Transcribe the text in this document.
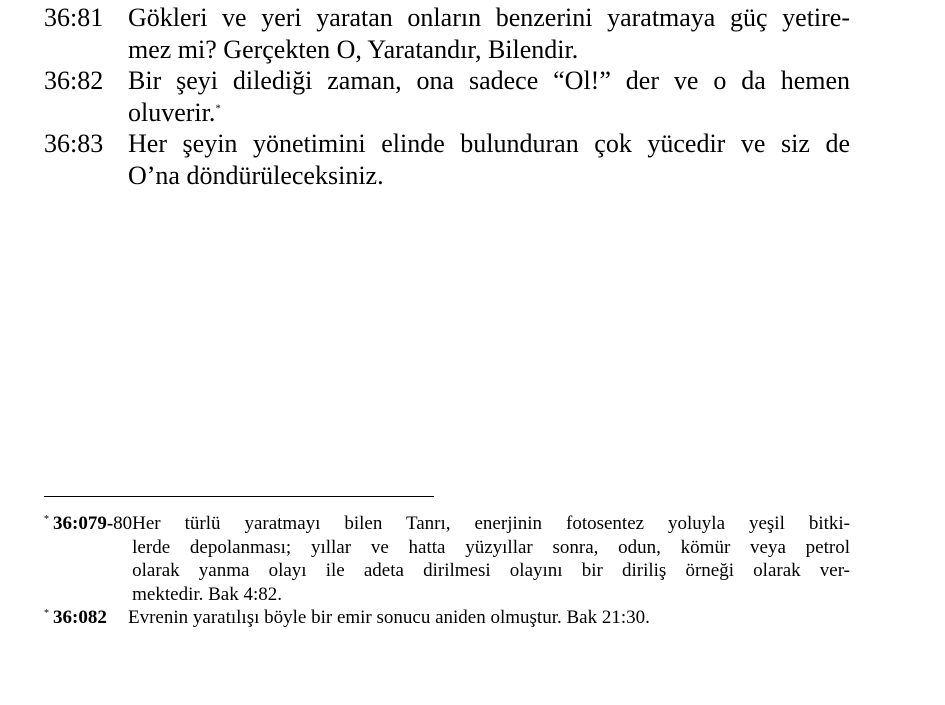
36:81 Gökleri ve yeri yaratan onların benzerini yaratmaya güç yetire-
mez mi? Gerçekten O, Yaratandır, Bilendir.
36:82 Bir şeyi dilediği zaman, ona sadece “Ol!” der ve o da hemen
oluverir.*
36:83 Her şeyin yönetimini elinde bulunduran çok yücedir ve siz de
O’na döndürüleceksiniz.
* 36:079-80 Her türlü yaratmayı bilen Tanrı, enerjinin fotosentez yoluyla yeşil bitki-
lerde depolanması; yıllar ve hatta yüzyıllar sonra, odun, kömür veya petrol
olarak yanma olayı ile adeta dirilmesi olayını bir diriliş örneği olarak ver-
mektedir. Bak 4:82.
* 36:082	Evrenin yaratılışı böyle bir emir sonucu aniden olmuştur. Bak 21:30.
